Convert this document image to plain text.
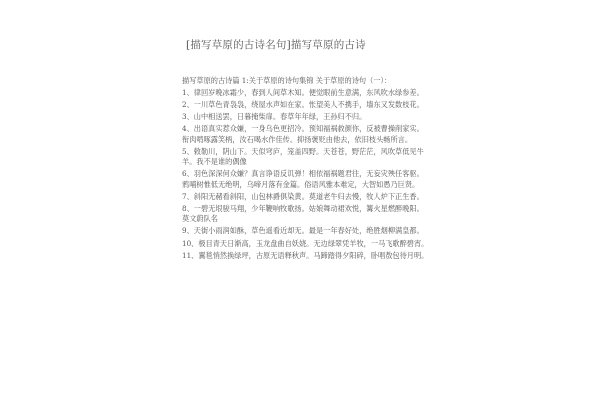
[描写草原的古诗名句]描写草原的古诗

描写草原的古诗篇 1:关于草原的诗句集锦 关于草原的诗句（一）：

1、律回岁晚冰霜少，春到人间草木知。便觉眼前生意满，东风吹水绿参差。

2、一川草色青袅袅，绕屋水声如在家。怅望美人不携手，墙东又发数枝花。

3、山中相送罢，日暮掩柴扉。春草年年绿，王孙归不归。

4、出语真实惹众嫌，一身乌色更招冷。预知福祸救颜你，反被曹操削家实。衔肉啃啄露笑柄，汝石喝水作佳传。抑扬褒贬由他去，依旧枝头畅所言。

5、敕勒川，阴山下。天似穹庐，笼盖四野。天苍苍，野茫茫，风吹草低见牛羊。我不是谁的偶像

6、羽色深深何众嫌？真言诤语反讥弹！相依福祸题君往，无妄灾殃任客驱。鸦哺树惟低无绝明，乌啼月落有金篇。俗语风雅本难定，大智如愚乃巨贤。

7、斜阳无赭看斜阳，山包林爵俱染黄。莫道老牛归去慢，牧人炉下正生香。

8、一碧无垠骏马翔，少年鞭响牧歌扬。姑娘舞动裙欢悦，篝火星燃醉晚阳。莫文蔚队名

9、天街小雨润如酥，草色遥看近却无。最是一年春好处，绝胜烟柳满皇都。

10、极目青天日渐高，玉龙盘曲自妖娆。无边绿翠凭羊牧，一马飞歌醉碧宵。

11、翼毯悄然换绿坪，古原无语释秋声。马蹄踏得夕阳碎，卧唱敖包待月明。
